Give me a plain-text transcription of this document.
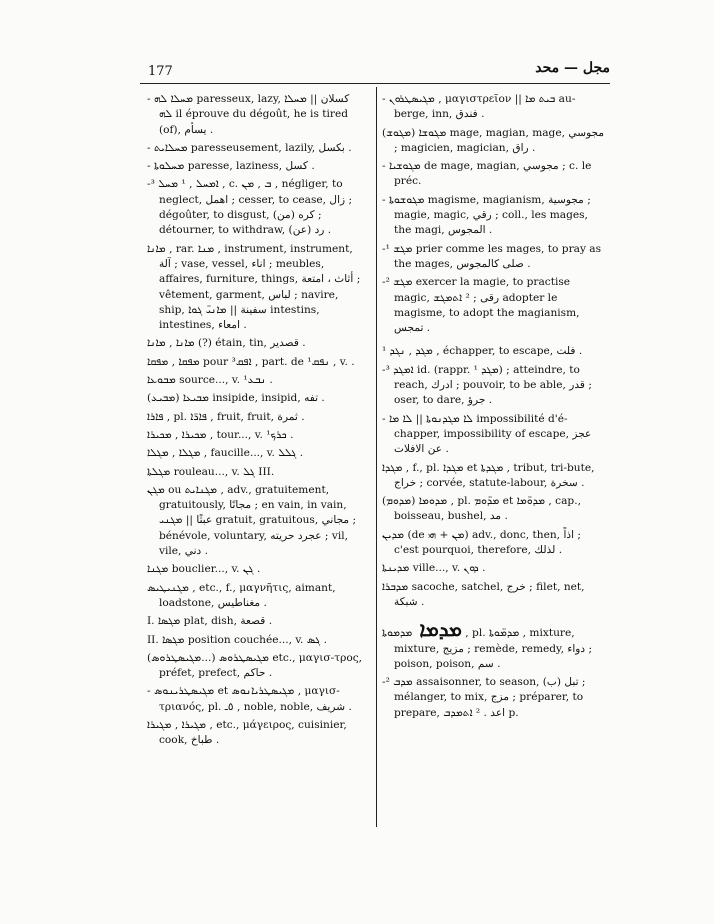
177	مجل — محد

- ܡܚܠܐ ܠܗ paresseux, lazy, كسلان || ܡܚܠܐ ܠܗ il éprouve du dégoût, he is tired (of), يسأم .

- ܡܚܠܐܝܬ paresseusement, lazily, بكسل .

- ܡܚܠܘܬܐ paresse, laziness, كسل .

-³ ܐܡܚܠ , ¹ ܡܚܠ , c. ܒ , ܡܢ , négliger, to neglect, اهمل ; cesser, to cease, زال ; dégoûter, to disgust, (من) كره ; détourner, to withdraw, (عن) رد .

ܡܐܢܐ , rar. ܡܢܐ , instrument, instrument, آلة ; vase, vessel, اناء ; meubles, affaires, furniture, things, أثاث ، امتعة ; vêtement, garment, لباس ; navire, ship, سفينة || ܡܐܢܝ̈ ܓܘܐ intestins, intestines, امعاء .

ܡܐܢܐ , ܡܐܢܐ (?) étain, tin, قصدير .

ܡܦܩܐ , ܡܦܩܐ pour ³ܐܦܩ , part. de ¹ܢܦܩ , v. .

ܡܒܘܥܐ source..., v. ¹ܢܒܥ .

(ܡܒܝܥ) ܡܒܝܥܐ insipide, insipid, تفه .

ܦܐܪܐ , pl. ܦܐܪ̈ܐ , fruit, fruit, ثمرة .

ܡܟܝܪܐ , ܡܟܝܪܐ , tour..., v. ¹ܟܪܟ .

ܡܓܠܐ , ܡܓܠܐ , faucille..., v. ܓܠܠ .

ܡܓܠܬܐ rouleau..., v. ܓܠ III.

ܡܓܢ ou ܡܓܢܐܝܬ , adv., gratuitement, gratuitously, مجانًا ; en vain, in vain, عبثًا || ܡܓܢܝ gratuit, gratuitous, مجاني ; bénévole, voluntary, عجرد حريته ; vil, vile, دني .

ܡܓܢܐ bouclier..., v. ܓܢ .

ܡܓܢܝܛܝܣ , etc., f., μαγνῆτις, aimant, loadstone, مغناطيس .

I. ܡܓܣܐ plat, dish, قصعة .

II. ܡܓܣܐ position couchée..., v. ܓܣ .

(ܡܓܝܣܛܪܘܣ...) ܡܓܝܣܛܪܘܣ etc., μαγισ-τρος, préfet, prefect, حاكم .

- ܡܓܝܣܛܪܝܢܘܣ et ܡܓܝܣܛܪܝܐܢܘܣ , μαγισ-τριανός, pl. ٥ـ , noble, noble, شريف .

ܡܓܝܪܐ , ܡܓܝܪܐ , etc., μάγειρος, cuisinier, cook, طباخ .

- ܡܓܝܣܛܪܘܢ , μαγιστρεῖον || ܒܝܬ ܡܐ au-berge, inn, فندق .

(ܡܓܘܫ) ܡܓܘܫܐ mage, magian, mage, مجوسي ; magicien, magician, راق .

- ܡܓܘܫܝܐ de mage, magian, مجوسي ; c. le préc.

- ܡܓܘܫܘܬܐ magisme, magianism, مجوسية ; magie, magic, رقي ; coll., les mages, the magi, المجوس .

-¹ ܡܓܫ prier comme les mages, to pray as the mages, صلى كالمجوس .

-² ܡܓܫ exercer la magie, to practise magic, رقى ; ² ܐܬܡܓܫ adopter le magisme, to adopt the magianism, تمجس .

¹ ܡܓܕ , ܢܓܕ , échapper, to escape, فلت .

-³ ܐܡܓܕ id. (rappr. ¹ ܡܓܕ) ; atteindre, to reach, ادرك ; pouvoir, to be able, قدر ; oser, to dare, جرؤ .

- ܠܐ ܡܓܕܢܘܬܐ || ܠܐ ܡܐ impossibilité d'é-chapper, impossibility of escape, عجز عن الافلات .

ܡܓܕܐ , f., pl. ܡܓܕܐ et ܡܓܕܬܐ , tribut, tri-bute, خراج ; corvée, statute-labour, سخرة .

(ܡܕܘܡ) ܡܕܘܡܐ , pl. ܡܕ̈ܘܡ et ܡܕܘ̈ܡܐ , cap., boisseau, bushel, مد .

ܡܕܝܢ (de ܡܢ + ܗܝ) adv., donc, then, اذاً ; c'est pourquoi, therefore, لذلك .

ܡܕܝܢܬܐ ville..., v. ܕܘܢ .

ܡܕܒܪܐ sacoche, satchel, خرج ; filet, net, شبكة .

ܡܕܡܐ ܡܕܡܘܬܐ , pl. ܡܕܡ̈ܘܬܐ , mixture, mixture, مزيج ; remède, remedy, دواء ; poison, poison, سم .

-² ܡܕܒ assaisonner, to season, (ب) تبل ; mélanger, to mix, مزج ; préparer, to prepare, اعد . ² ܐܬܡܕܒ p.
